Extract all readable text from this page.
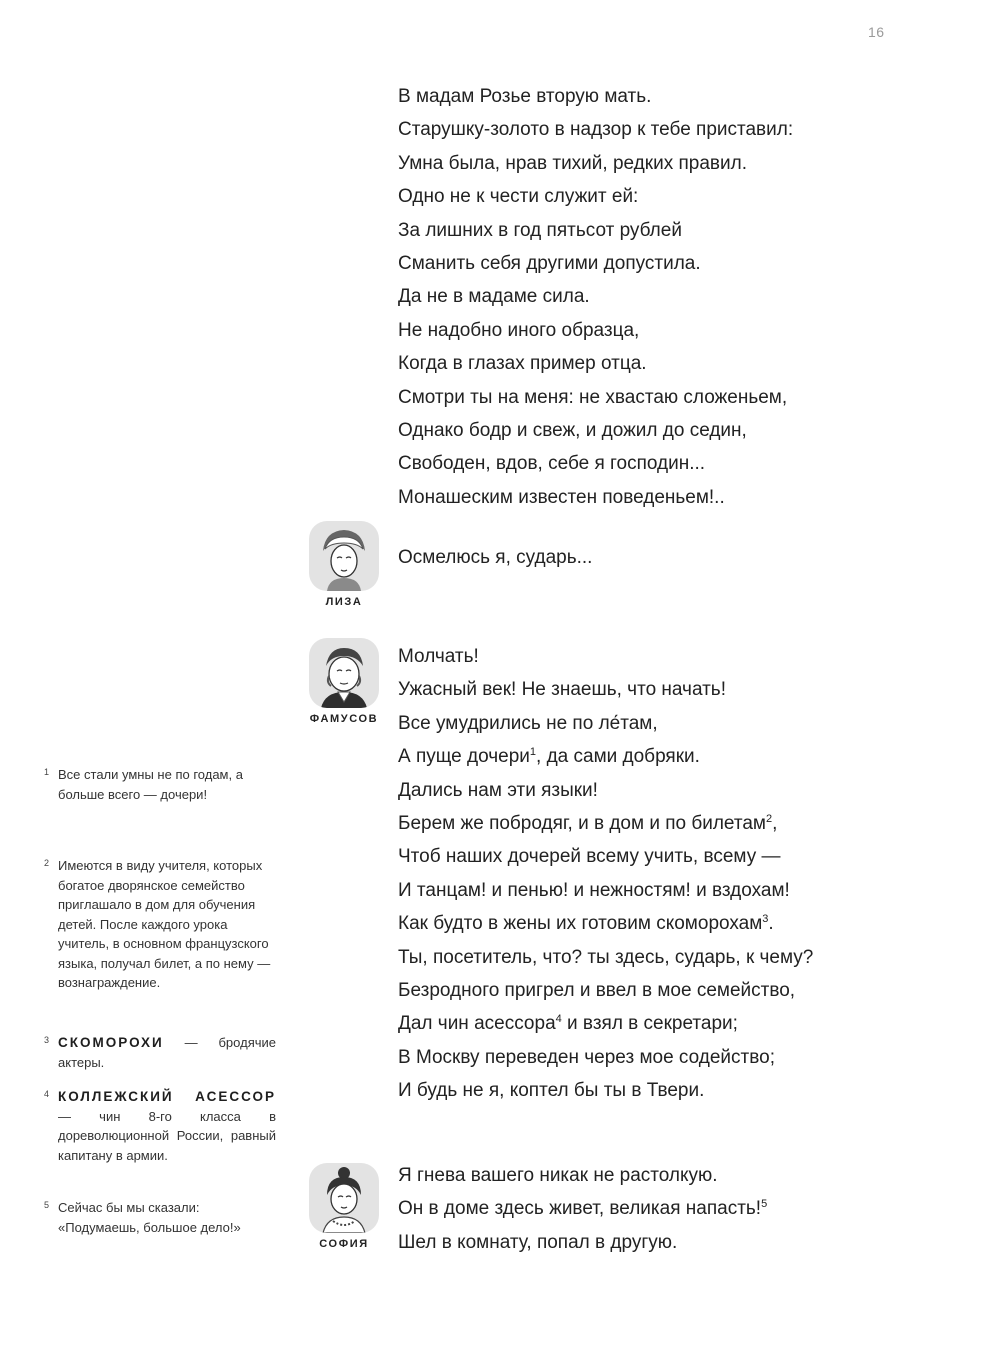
16
В мадам Розье вторую мать.
Старушку-золото в надзор к тебе приставил:
Умна была, нрав тихий, редких правил.
Одно не к чести служит ей:
За лишних в год пятьсот рублей
Сманить себя другими допустила.
Да не в мадаме сила.
Не надобно иного образца,
Когда в глазах пример отца.
Смотри ты на меня: не хвастаю сложеньем,
Однако бодр и свеж, и дожил до седин,
Свободен, вдов, себе я господин...
Монашеским известен поведеньем!..
ЛИЗА
Осмелюсь я, сударь...
ФАМУСОВ
Молчать!
Ужасный век! Не знаешь, что начать!
Все умудрились не по ле́там,
А пуще дочери$^1$, да сами добряки.
Дались нам эти языки!
Берем же побродяг, и в дом и по билетам$^2$,
Чтоб наших дочерей всему учить, всему —
И танцам! и пенью! и нежностям! и вздохам!
Как будто в жены их готовим скоморохам$^3$.
Ты, посетитель, что? ты здесь, сударь, к чему?
Безродного пригрел и ввел в мое семейство,
Дал чин асессора$^4$ и взял в секретари;
В Москву переведен через мое содейство;
И будь не я, коптел бы ты в Твери.
СОФИЯ
Я гнева вашего никак не растолкую.
Он в доме здесь живет, великая напасть!$^5$
Шел в комнату, попал в другую.
1 Все стали умны не по годам, а больше всего — дочери!
2 Имеются в виду учителя, которых богатое дворянское семейство приглашало в дом для обучения детей. После каждого урока учитель, в основном французского языка, получал билет, а по нему — вознаграждение.
3 СКОМОРОХИ — бродячие актеры.
4 КОЛЛЕЖСКИЙ АСЕССОР — чин 8-го класса в дореволюционной России, равный капитану в армии.
5 Сейчас бы мы сказали: «Подумаешь, большое дело!»
